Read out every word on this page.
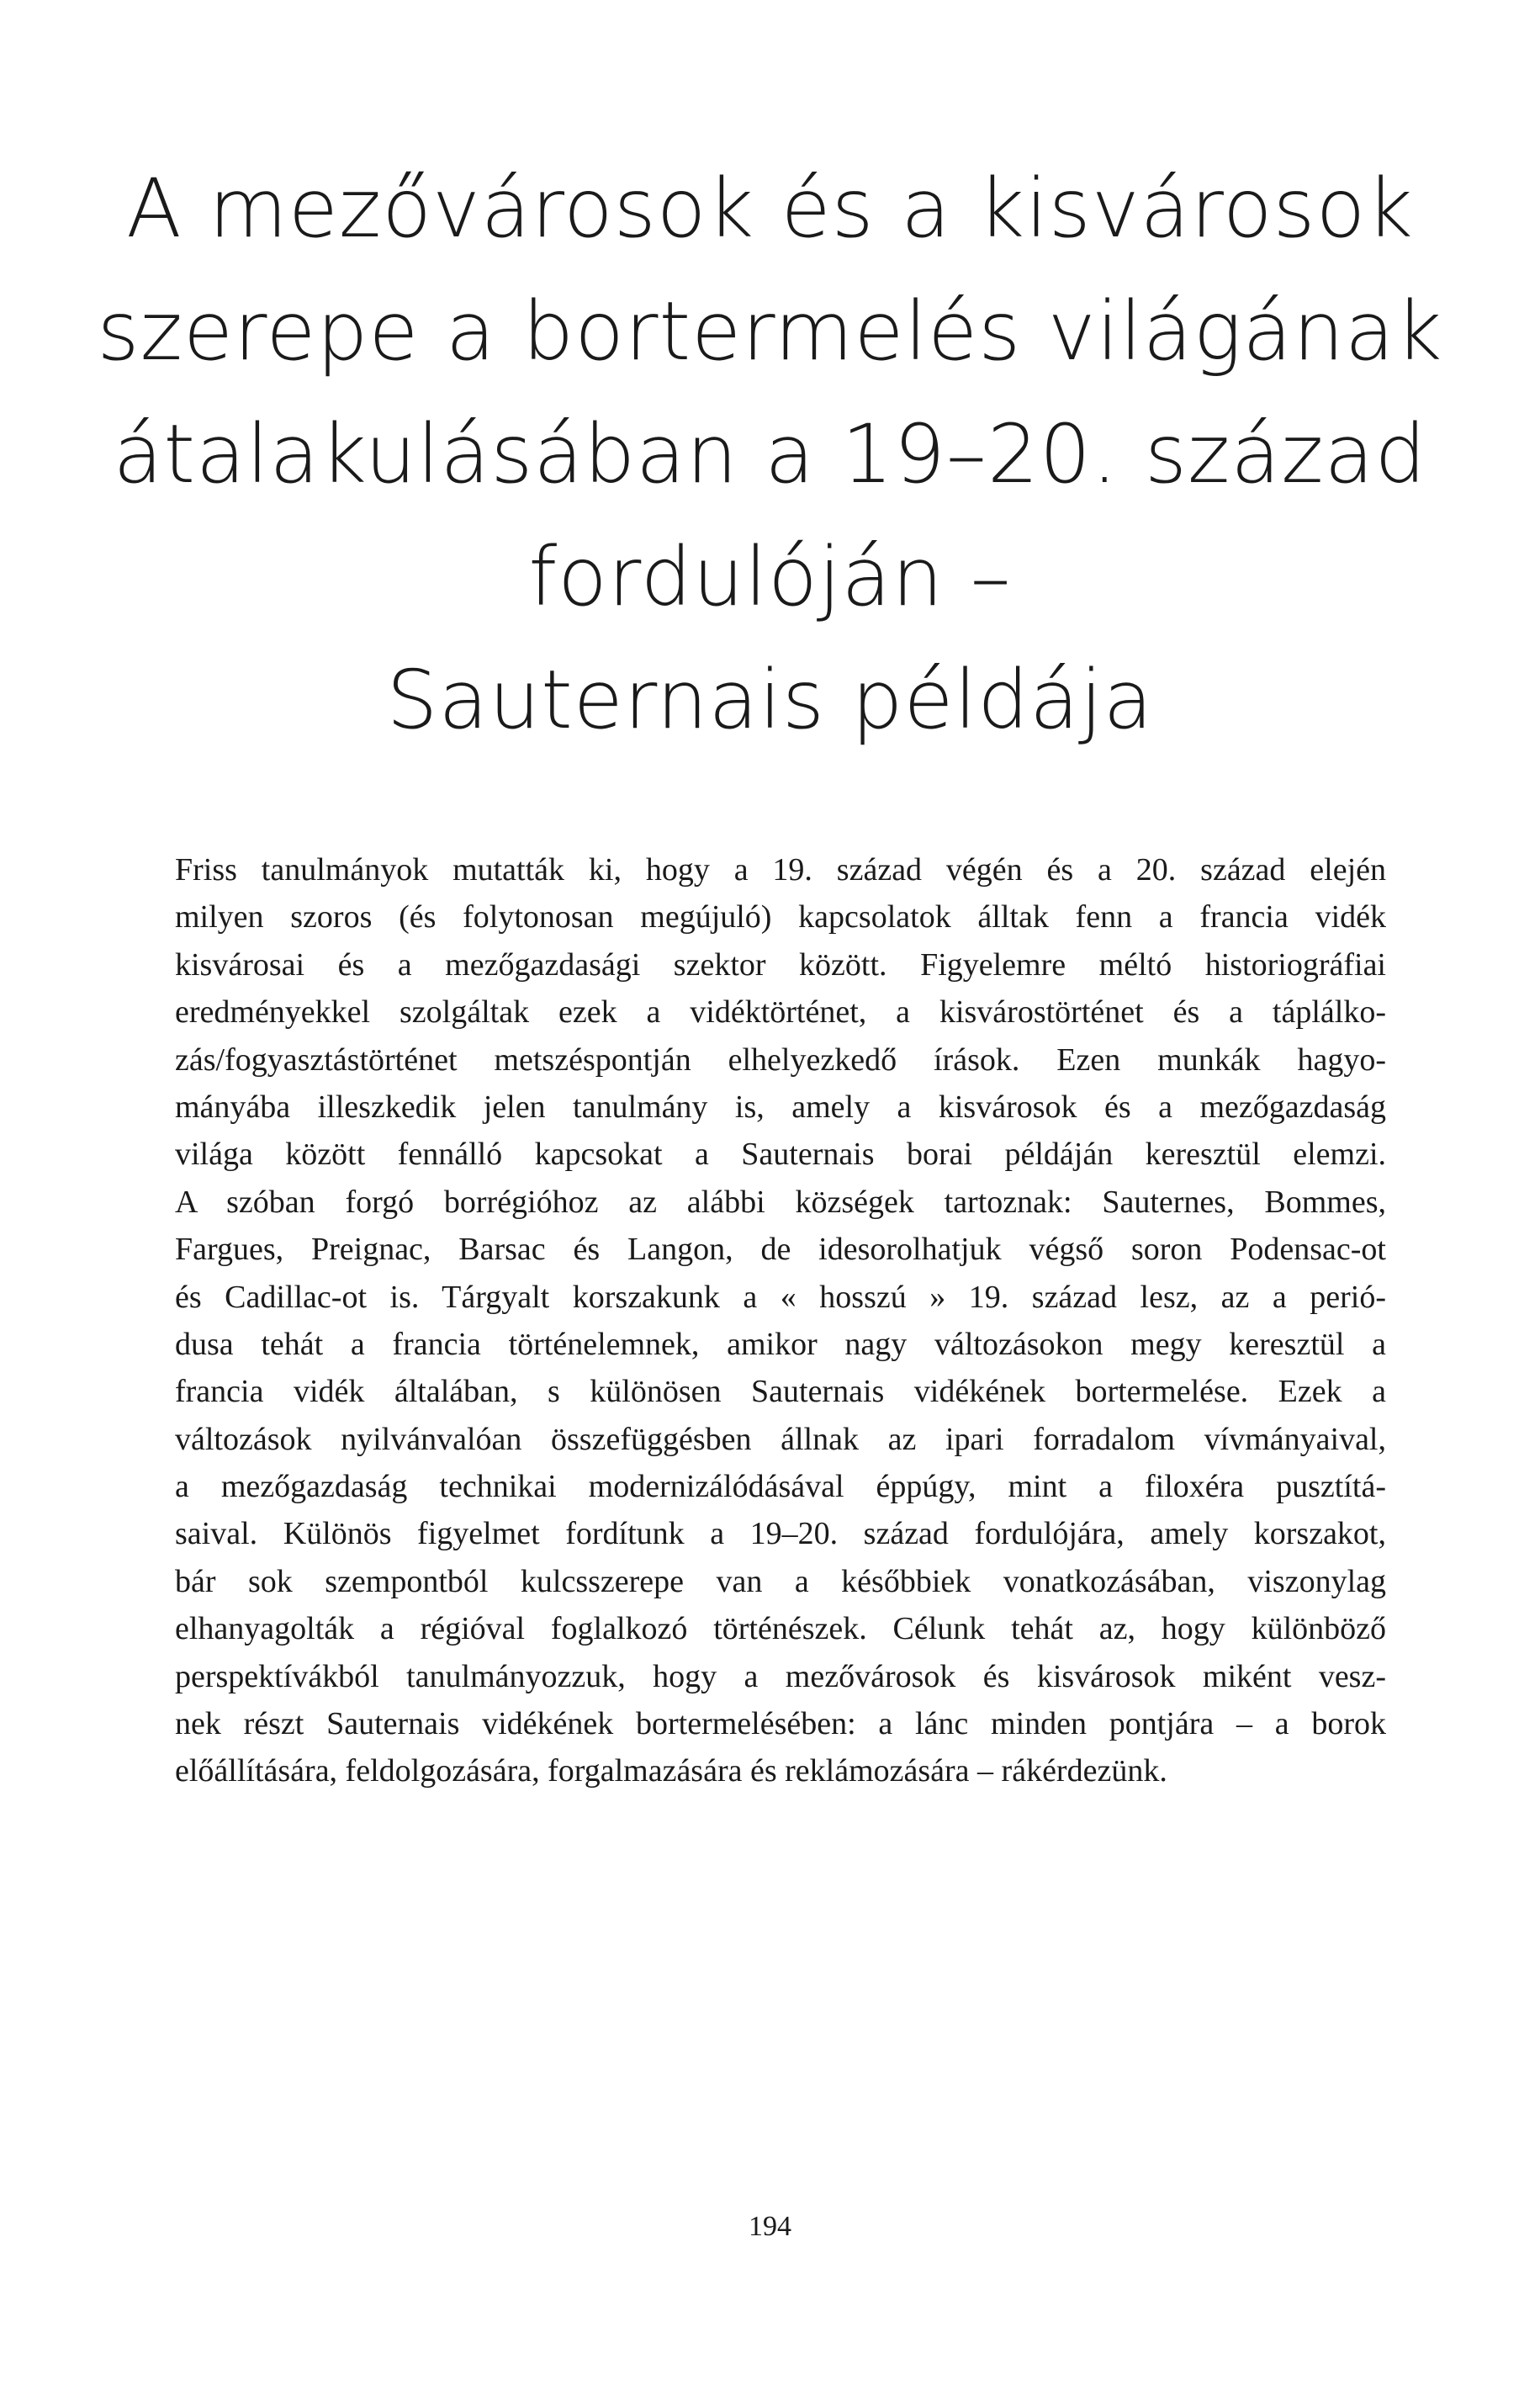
A mezővárosok és a kisvárosok
szerepe a bortermelés világának
átalakulásában a 19–20. század
fordulóján –
Sauternais példája
Friss tanulmányok mutatták ki, hogy a 19. század végén és a 20. század elején
milyen szoros (és folytonosan megújuló) kapcsolatok álltak fenn a francia vidék
kisvárosai és a mezőgazdasági szektor között. Figyelemre méltó historiográfiai
eredményekkel szolgáltak ezek a vidéktörténet, a kisvárostörténet és a táplálko-
zás/fogyasztástörténet metszéspontján elhelyezkedő írások. Ezen munkák hagyo-
mányába illeszkedik jelen tanulmány is, amely a kisvárosok és a mezőgazdaság
világa között fennálló kapcsokat a Sauternais borai példáján keresztül elemzi.
A szóban forgó borrégióhoz az alábbi községek tartoznak: Sauternes, Bommes,
Fargues, Preignac, Barsac és Langon, de idesorolhatjuk végső soron Podensac-ot
és Cadillac-ot is. Tárgyalt korszakunk a « hosszú » 19. század lesz, az a perió-
dusa tehát a francia történelemnek, amikor nagy változásokon megy keresztül a
francia vidék általában, s különösen Sauternais vidékének bortermelése. Ezek a
változások nyilvánvalóan összefüggésben állnak az ipari forradalom vívmányaival,
a mezőgazdaság technikai modernizálódásával éppúgy, mint a filoxéra pusztítá-
saival. Különös figyelmet fordítunk a 19–20. század fordulójára, amely korszakot,
bár sok szempontból kulcsszerepe van a későbbiek vonatkozásában, viszonylag
elhanyagolták a régióval foglalkozó történészek. Célunk tehát az, hogy különböző
perspektívákból tanulmányozzuk, hogy a mezővárosok és kisvárosok miként vesz-
nek részt Sauternais vidékének bortermelésében: a lánc minden pontjára – a borok
előállítására, feldolgozására, forgalmazására és reklámozására – rákérdezünk.
194
